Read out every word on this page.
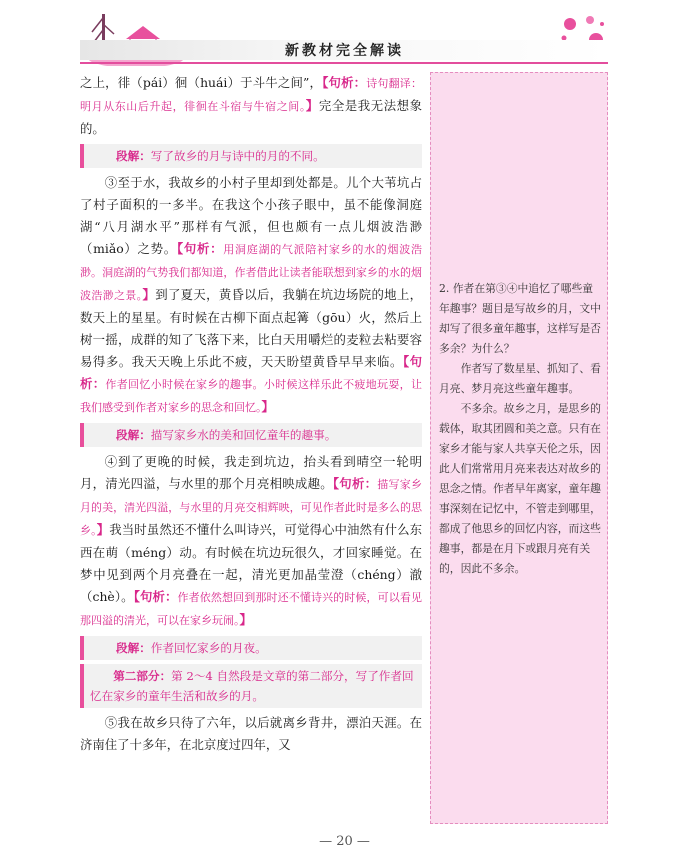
新教材完全解读

之上，徘（pái）徊（huái）于斗牛之间”，【句析：诗句翻译：明月从东山后升起，徘徊在斗宿与牛宿之间。】完全是我无法想象的。

段解：写了故乡的月与诗中的月的不同。

③至于水，我故乡的小村子里却到处都是。儿个大苇坑占了村子面积的一多半。在我这个小孩子眼中，虽不能像洞庭湖“八月湖水平”那样有气派，但也颇有一点儿烟波浩渺（miǎo）之势。【句析：用洞庭湖的气派陪衬家乡的水的烟波浩渺。洞庭湖的气势我们都知道，作者借此让读者能联想到家乡的水的烟波浩渺之景。】到了夏天，黄昏以后，我躺在坑边场院的地上，数天上的星星。有时候在古柳下面点起篝（gōu）火，然后上树一摇，成群的知了飞落下来，比白天用嚼烂的麦粒去粘要容易得多。我天天晚上乐此不疲，天天盼望黄昏早早来临。【句析：作者回忆小时候在家乡的趣事。小时候这样乐此不疲地玩耍，让我们感受到作者对家乡的思念和回忆。】

段解：描写家乡水的美和回忆童年的趣事。

④到了更晚的时候，我走到坑边，抬头看到晴空一轮明月，清光四溢，与水里的那个月亮相映成趣。【句析：描写家乡月的美，清光四溢，与水里的月亮交相辉映，可见作者此时是多么的思乡。】我当时虽然还不懂什么叫诗兴，可觉得心中油然有什么东西在萌（méng）动。有时候在坑边玩很久，才回家睡觉。在梦中见到两个月亮叠在一起，清光更加晶莹澄（chéng）澈（chè）。【句析：作者依然想回到那时还不懂诗兴的时候，可以看见那四溢的清光，可以在家乡玩闹。】

段解：作者回忆家乡的月夜。
第二部分：第 2～4 自然段是文章的第二部分，写了作者回忆在家乡的童年生活和故乡的月。

⑤我在故乡只待了六年，以后就离乡背井，漂泊天涯。在济南住了十多年，在北京度过四年，又

2. 作者在第③④中追忆了哪些童年趣事？题目是写故乡的月，文中却写了很多童年趣事，这样写是否多余？为什么？

作者写了数星星、抓知了、看月亮、梦月亮这些童年趣事。

不多余。故乡之月，是思乡的载体，取其团圆和美之意。只有在家乡才能与家人共享天伦之乐，因此人们常常用月亮来表达对故乡的思念之情。作者早年离家，童年趣事深刻在记忆中，不管走到哪里，都成了他思乡的回忆内容，而这些趣事，都是在月下或跟月亮有关的，因此不多余。

— 20 —
